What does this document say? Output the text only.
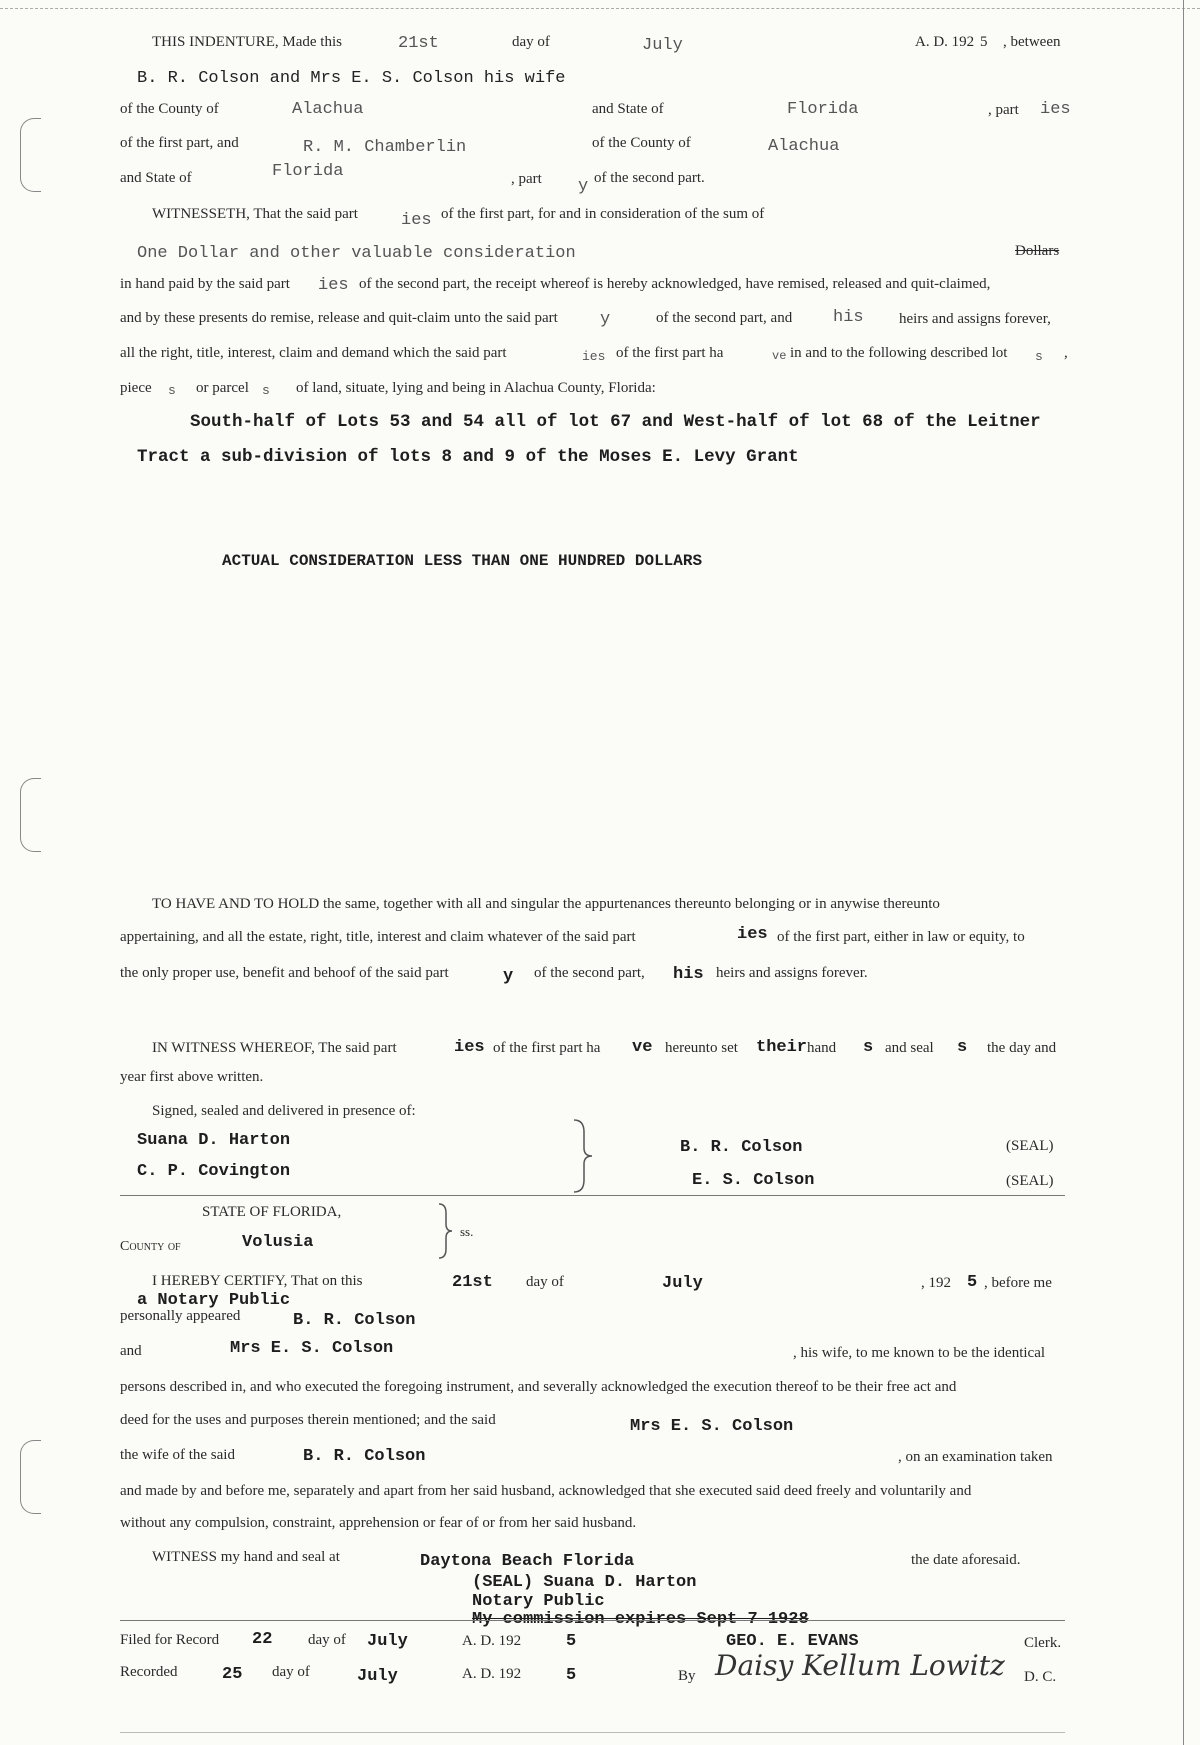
THIS INDENTURE, Made this	21st	day of	July	A. D. 192 5 , between
B. R. Colson and Mrs E. S. Colson his wife
of the County of	Alachua	and State of	Florida	, part ies
of the first part, and	R. M. Chamberlin	of the County of	Alachua
and State of	Florida	, part y of the second part.
WITNESSETH, That the said part	ies of the first part, for and in consideration of the sum of
One Dollar and other valuable consideration	Dollars
in hand paid by the said part ies of the second part, the receipt whereof is hereby acknowledged, have remised, released and quit-claimed,
and by these presents do remise, release and quit-claim unto the said part y	of the second part, and his heirs and assigns forever,
all the right, title, interest, claim and demand which the said part	ies of the first part ha	ve in and to the following described lot s ,
piece s or parcel s of land, situate, lying and being in Alachua County, Florida:
South-half of Lots 53 and 54 all of lot 67 and West-half of lot 68 of the Leitner
Tract a sub-division of lots 8 and 9 of the Moses E. Levy Grant
ACTUAL CONSIDERATION LESS THAN ONE HUNDRED DOLLARS
TO HAVE AND TO HOLD the same, together with all and singular the appurtenances thereunto belonging or in anywise thereunto
appertaining, and all the estate, right, title, interest and claim whatever of the said part	ies of the first part, either in law or equity, to
the only proper use, benefit and behoof of the said part	y of the second part, his heirs and assigns forever.
IN WITNESS WHEREOF, The said part	ies of the first part ha ve hereunto set their hand s and seal s the day and
year first above written.
Signed, sealed and delivered in presence of:
Suana D. Harton
C. P. Covington
B. R. Colson	(SEAL)
E. S. Colson	(SEAL)
STATE OF FLORIDA,
County of	Volusia
ss.
I HEREBY CERTIFY, That on this	21st day of	July	, 192 5 , before me
a Notary Public
personally appeared	B. R. Colson
and	Mrs E. S. Colson	, his wife, to me known to be the identical
persons described in, and who executed the foregoing instrument, and severally acknowledged the execution thereof to be their free act and
deed for the uses and purposes therein mentioned; and the said	Mrs E. S. Colson
the wife of the said	B. R. Colson	, on an examination taken
and made by and before me, separately and apart from her said husband, acknowledged that she executed said deed freely and voluntarily and
without any compulsion, constraint, apprehension or fear of or from her said husband.
WITNESS my hand and seal at	Daytona Beach Florida	the date aforesaid.
(SEAL) Suana D. Harton
Notary Public
My commission expires Sept 7 1928
Filed for Record 22 day of July	A. D. 192	5	GEO. E. EVANS	Clerk.
Recorded	25 day of	July	A. D. 192	5	By Daisy Kellum Lowitz D. C.
